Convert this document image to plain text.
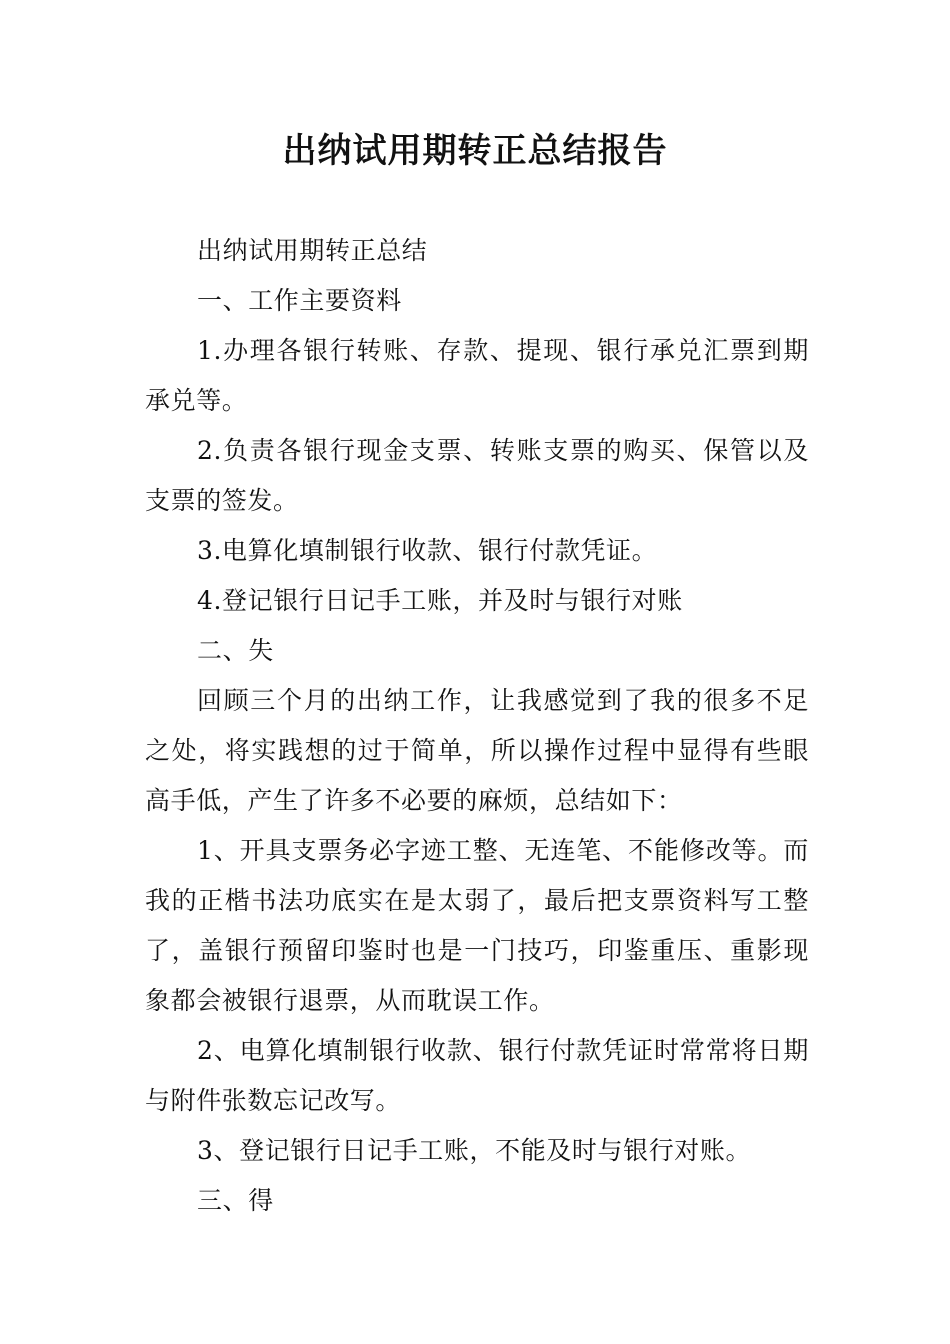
出纳试用期转正总结报告

出纳试用期转正总结

一、工作主要资料

1.办理各银行转账、存款、提现、银行承兑汇票到期承兑等。

2.负责各银行现金支票、转账支票的购买、保管以及支票的签发。

3.电算化填制银行收款、银行付款凭证。

4.登记银行日记手工账，并及时与银行对账

二、失

回顾三个月的出纳工作，让我感觉到了我的很多不足之处，将实践想的过于简单，所以操作过程中显得有些眼高手低，产生了许多不必要的麻烦，总结如下：

1、开具支票务必字迹工整、无连笔、不能修改等。而我的正楷书法功底实在是太弱了，最后把支票资料写工整了，盖银行预留印鉴时也是一门技巧，印鉴重压、重影现象都会被银行退票，从而耽误工作。

2、电算化填制银行收款、银行付款凭证时常常将日期与附件张数忘记改写。

3、登记银行日记手工账，不能及时与银行对账。

三、得
